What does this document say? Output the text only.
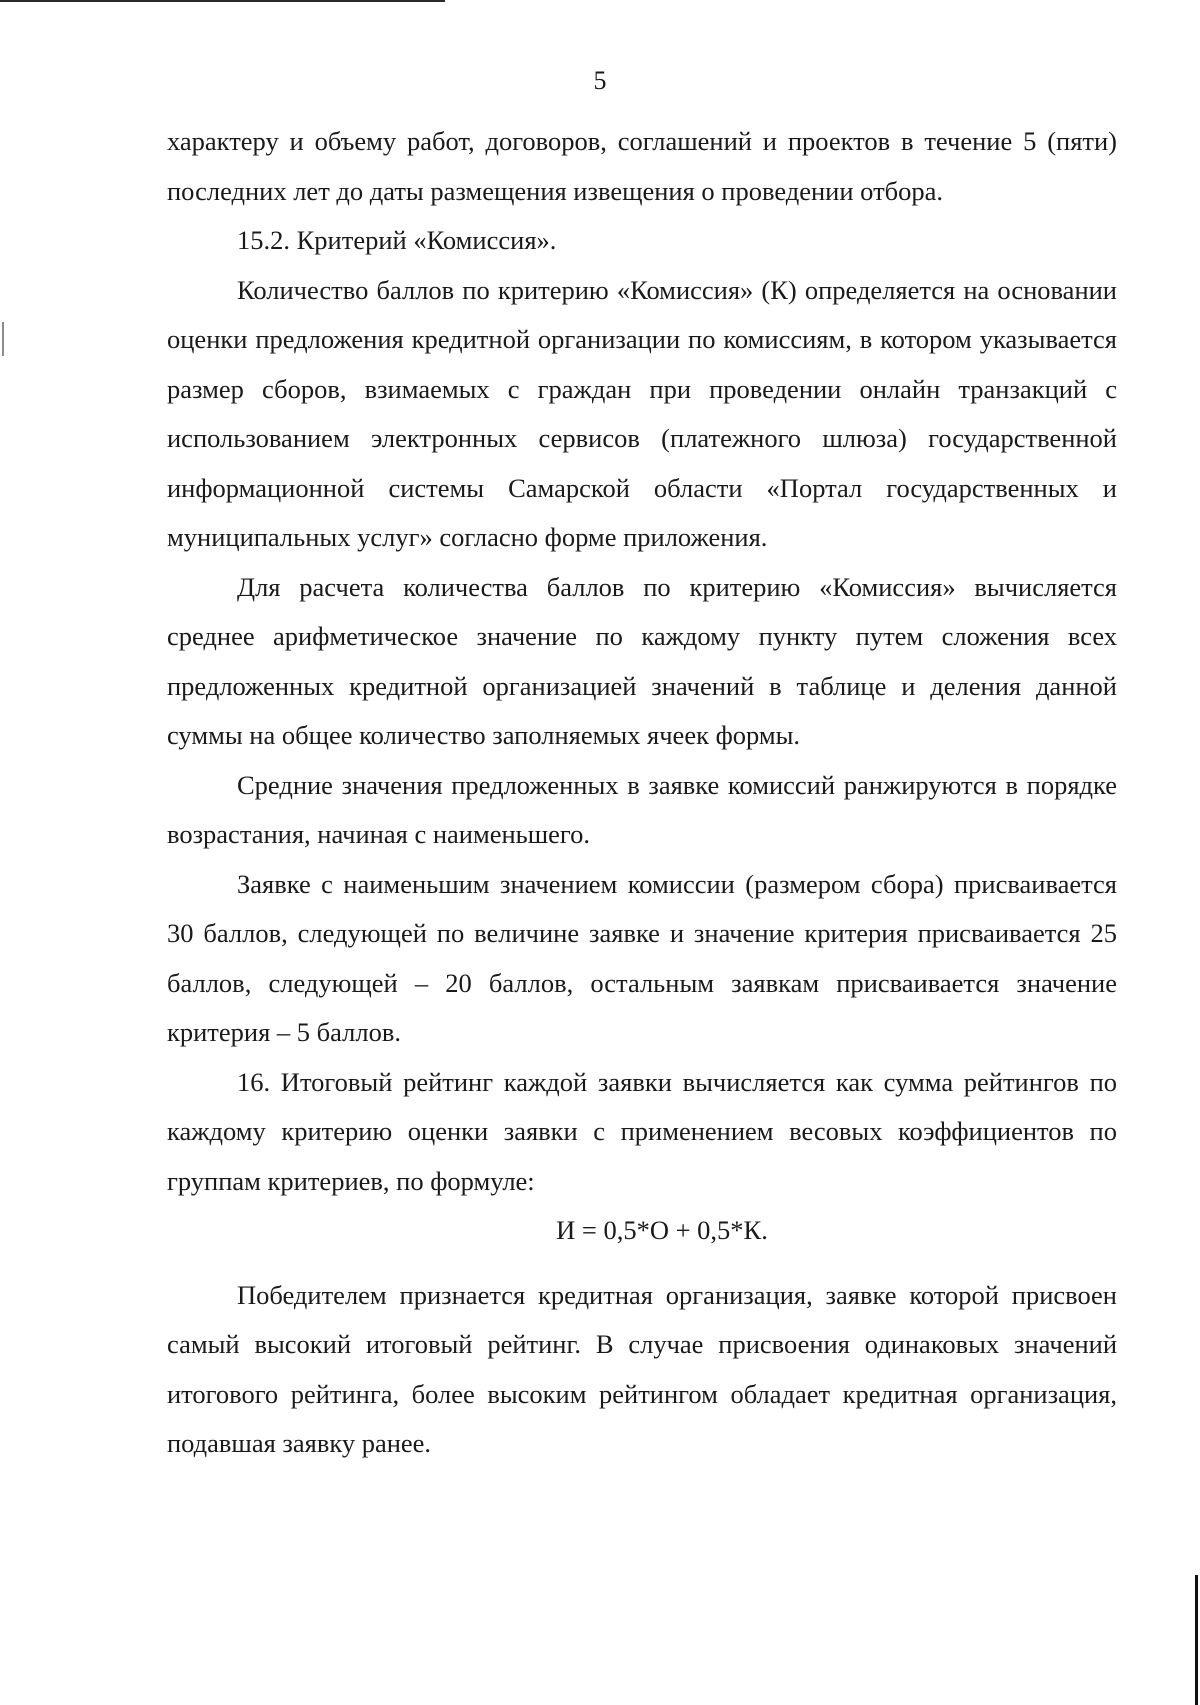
5

характеру и объему работ, договоров, соглашений и проектов в течение 5 (пяти) последних лет до даты размещения извещения о проведении отбора.

15.2. Критерий «Комиссия».

Количество баллов по критерию «Комиссия» (К) определяется на основании оценки предложения кредитной организации по комиссиям, в котором указывается размер сборов, взимаемых с граждан при проведении онлайн транзакций с использованием электронных сервисов (платежного шлюза) государственной информационной системы Самарской области «Портал государственных и муниципальных услуг» согласно форме приложения.

Для расчета количества баллов по критерию «Комиссия» вычисляется среднее арифметическое значение по каждому пункту путем сложения всех предложенных кредитной организацией значений в таблице и деления данной суммы на общее количество заполняемых ячеек формы.

Средние значения предложенных в заявке комиссий ранжируются в порядке возрастания, начиная с наименьшего.

Заявке с наименьшим значением комиссии (размером сбора) присваивается 30 баллов, следующей по величине заявке и значение критерия присваивается 25 баллов, следующей – 20 баллов, остальным заявкам присваивается значение критерия – 5 баллов.

16. Итоговый рейтинг каждой заявки вычисляется как сумма рейтингов по каждому критерию оценки заявки с применением весовых коэффициентов по группам критериев, по формуле:

И = 0,5*О + 0,5*К.

Победителем признается кредитная организация, заявке которой присвоен самый высокий итоговый рейтинг. В случае присвоения одинаковых значений итогового рейтинга, более высоким рейтингом обладает кредитная организация, подавшая заявку ранее.
